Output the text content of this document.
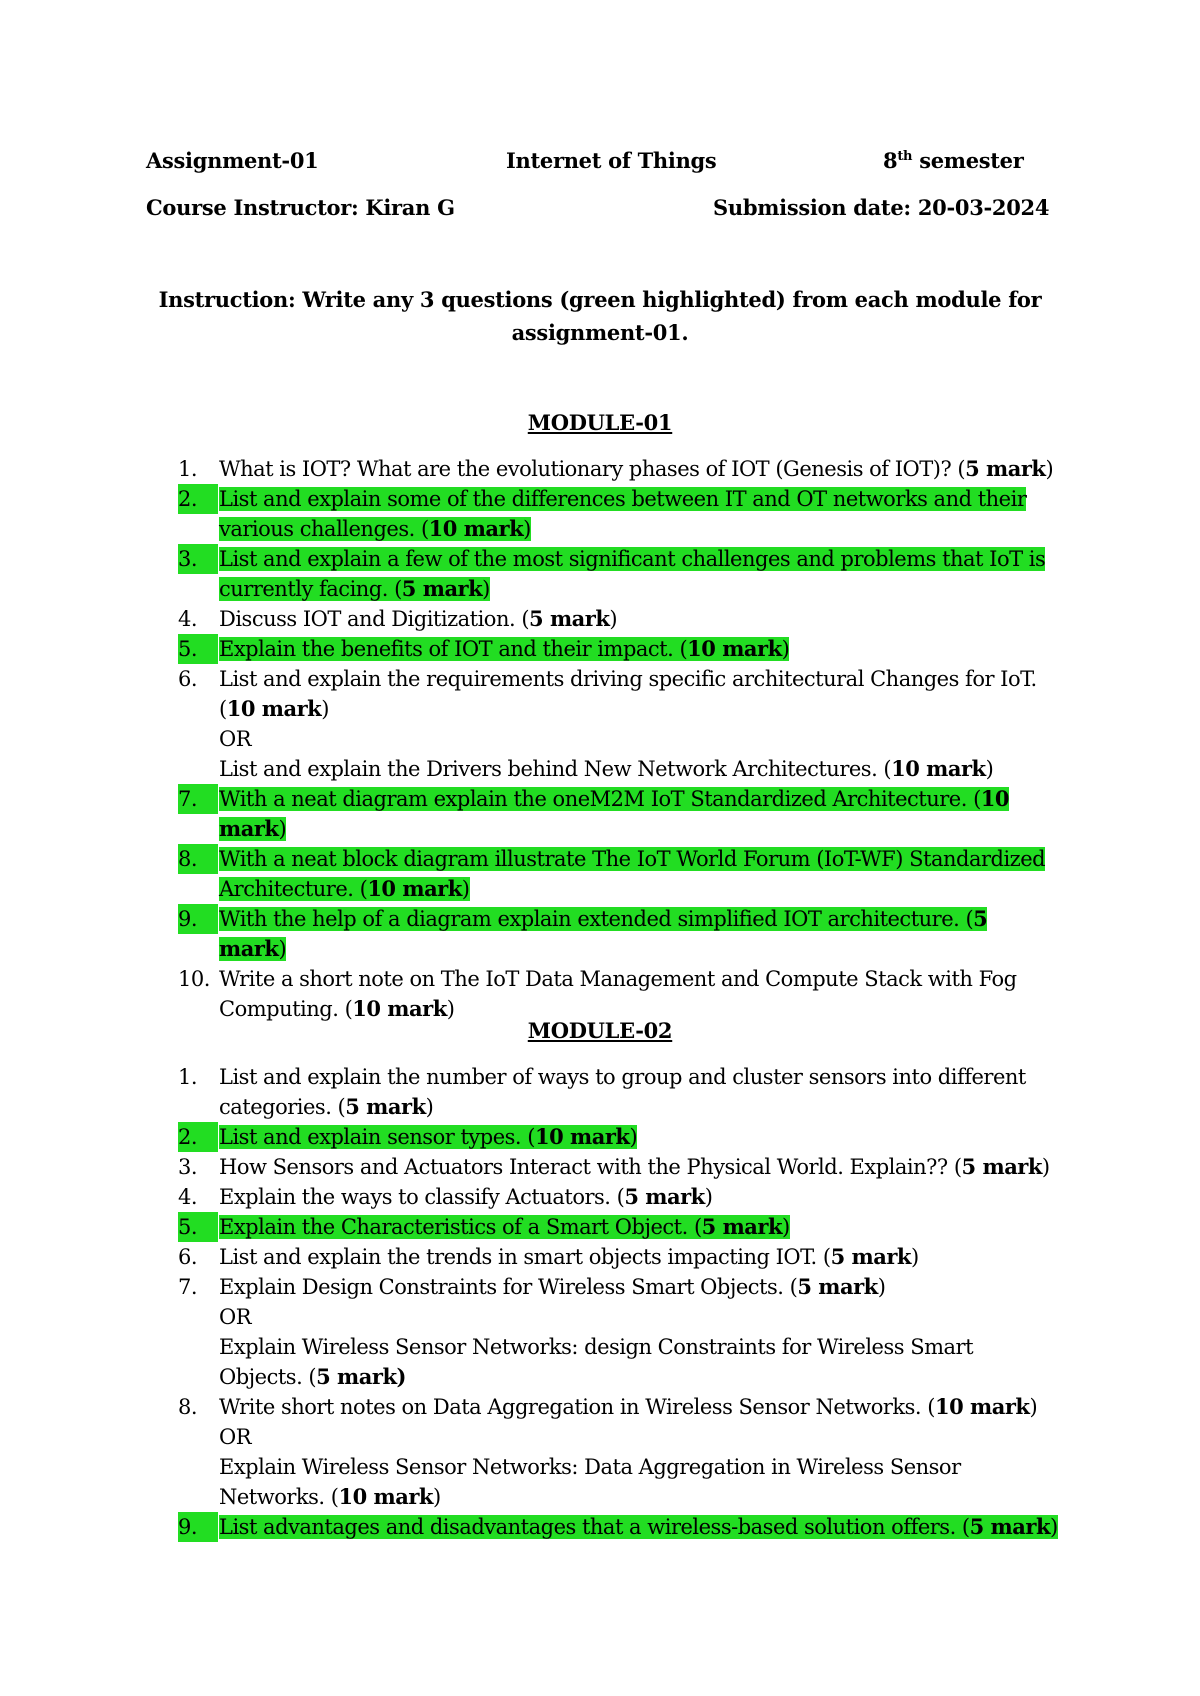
Assignment-01	Internet of Things	8th semester
Course Instructor: Kiran G	Submission date: 20-03-2024
Instruction: Write any 3 questions (green highlighted) from each module for assignment-01.
MODULE-01
1.	What is IOT? What are the evolutionary phases of IOT (Genesis of IOT)? (5 mark)
2.	List and explain some of the differences between IT and OT networks and their various challenges. (10 mark)
3.	List and explain a few of the most significant challenges and problems that IoT is currently facing. (5 mark)
4.	Discuss IOT and Digitization. (5 mark)
5.	Explain the benefits of IOT and their impact. (10 mark)
6.	List and explain the requirements driving specific architectural Changes for IoT. (10 mark)
OR
List and explain the Drivers behind New Network Architectures. (10 mark)
7.	With a neat diagram explain the oneM2M IoT Standardized Architecture. (10 mark)
8.	With a neat block diagram illustrate The IoT World Forum (IoT-WF) Standardized Architecture. (10 mark)
9.	With the help of a diagram explain extended simplified IOT architecture. (5 mark)
10. Write a short note on The IoT Data Management and Compute Stack with Fog Computing. (10 mark)
MODULE-02
1.	List and explain the number of ways to group and cluster sensors into different categories. (5 mark)
2.	List and explain sensor types. (10 mark)
3.	How Sensors and Actuators Interact with the Physical World. Explain?? (5 mark)
4.	Explain the ways to classify Actuators. (5 mark)
5.	Explain the Characteristics of a Smart Object. (5 mark)
6.	List and explain the trends in smart objects impacting IOT. (5 mark)
7.	Explain Design Constraints for Wireless Smart Objects. (5 mark)
OR
Explain Wireless Sensor Networks: design Constraints for Wireless Smart Objects. (5 mark)
8.	Write short notes on Data Aggregation in Wireless Sensor Networks. (10 mark)
OR
Explain Wireless Sensor Networks: Data Aggregation in Wireless Sensor Networks. (10 mark)
9.	List advantages and disadvantages that a wireless-based solution offers. (5 mark)
